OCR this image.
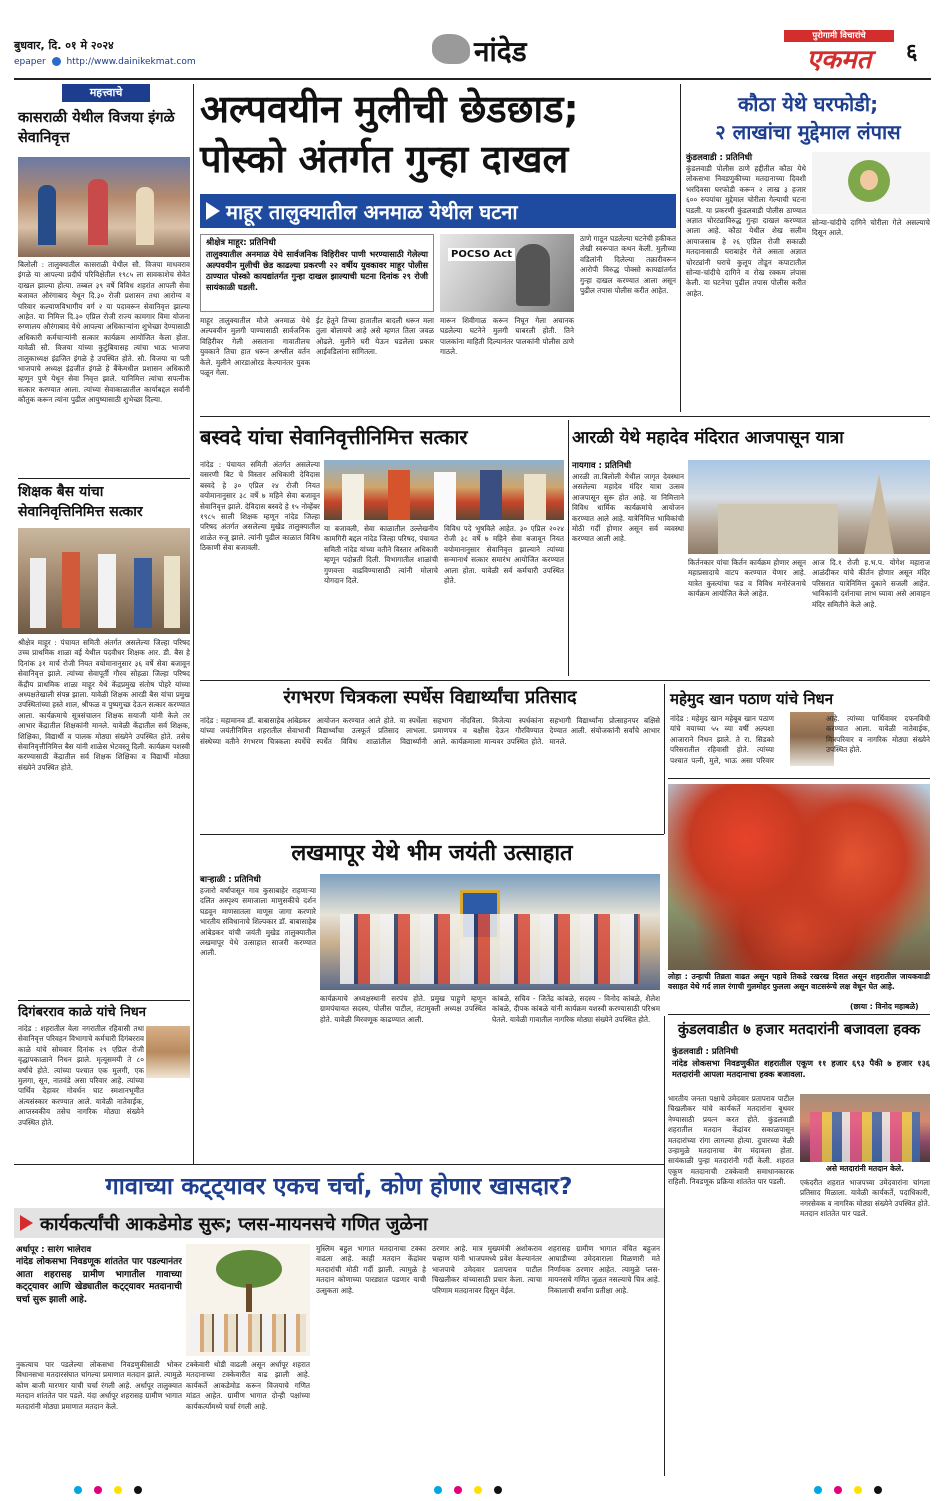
बुधवार, दि. ०१ मे २०२४
epaper http://www.dainikekmat.com	नांदेड	पुरोगामी विचारांचे
एकमत	६
महत्त्वाचे
कासराळी येथील विजया इंगळे सेवानिवृत्त
बिलोली : तालुक्यातील कासराळी येथील सौ. विजया माधवराव इंगळे या आपल्या प्रदीर्घ परिविक्षेतील १९८५ ला सावकाशेच सेवेत दाखल झाल्या होत्या. तब्बल ३९ वर्षे विविध शहरांत आपली सेवा बजावत औरंगाबाद येथून दि.३० रोजी प्रशासन तथा आरोग्य व परिवार कल्याणविभागीय वर्ग २ या पदावरून सेवानिवृत्त झाल्या आहेत. या निमित्त दि.३० एप्रिल रोजी राज्य कामगार विमा योजना रुग्णालय औरंगाबाद येथे आपल्या अधिकाऱ्यांना शुभेच्छा देण्यासाठी अधिकारी कर्मचाऱ्यांनी सत्कार कार्यक्रम आयोजित केला होता. यावेळी सौ. विजया यांच्या कुटुंबियासह त्यांचा भाऊ भाजपा तालुकाध्यक्ष इंद्रजित इंगळे हे उपस्थित होते. सौ. विजया या पती भाजपाचे अध्यक्ष इंद्रजीत इंगळे हे बैंकेमधील प्रशासन अधिकारी म्हणून पुणे येथून सेवा निवृत्त झाले. यानिमित्त त्यांचा सपत्नीक सत्कार करण्यात आला. त्यांच्या सेवाकाळातील कार्याबद्दल सर्वांनी कौतुक करून त्यांना पुढील आयुष्यासाठी शुभेच्छा दिल्या.
शिक्षक बैस यांचा सेवानिवृत्तिनिमित्त सत्कार
श्रीक्षेत्र माहूर : पंचायत समिती अंतर्गत असलेल्या जिल्हा परिषद उच्च प्राथमिक शाळा वई येथील पदवीधर शिक्षक आर. डी. बैस हे दिनांक ३१ मार्च रोजी नियत वयोमानानुसार ३६ वर्षे सेवा बजावून सेवानिवृत्त झाले. त्यांच्या सेवापूर्ती गौरव सोहळा जिल्हा परिषद केंद्रीय प्राथमिक शाळा माहूर येथे केंद्रप्रमुख संतोष पोहरे यांच्या अध्यक्षतेखाली संपन्न झाला. यावेळी शिक्षक आरडी बैस यांचा प्रमुख उपस्थितांच्या हस्ते शाल, श्रीफळ व पुष्पगुच्छ देऊन सत्कार करण्यात आला. कार्यक्रमाचे सूत्रसंचालन शिक्षक सयाजी यांनी केले तर आभार केंद्रातील शिक्षकांनी मानले. यावेळी केंद्रातील सर्व शिक्षक, शिक्षिका, विद्यार्थी व पालक मोठ्या संख्येने उपस्थित होते. तसेच सेवानिवृत्तीनिमित्त बैस यांनी शाळेस भेटवस्तू दिली. कार्यक्रम यशस्वी करण्यासाठी केंद्रातील सर्व शिक्षक शिक्षिका व विद्यार्थी मोठ्या संख्येने उपस्थित होते.
दिगंबरराव काळे यांचे निधन
नांदेड : शहरातील वेला नगरातील रहिवासी तथा सेवानिवृत्त परिवहन विभागाचे कर्मचारी दिगंबरराव काळे यांचे सोमवार दिनांक २९ एप्रिल रोजी वृद्धापकाळाने निधन झाले. मृत्यूसमयी ते ८० वर्षांचे होते. त्यांच्या पश्चात एक मुलगी, एक मुलगा, सून, नातवंडे असा परिवार आहे. त्यांच्या पार्थिव देहावर गोवर्धन घाट स्मशानभूमीत अंत्यसंस्कार करण्यात आले. यावेळी नातेवाईक, आप्तस्वकीय तसेच नागरिक मोठ्या संख्येने उपस्थित होते.
अल्पवयीन मुलीची छेडछाड;
पोस्को अंतर्गत गुन्हा दाखल
माहूर तालुक्यातील अनमाळ येथील घटना
श्रीक्षेत्र माहूर: प्रतिनिधी
तालुक्यातील अनमाळ येथे सार्वजनिक विहिरीवर पाणी भरण्यासाठी गेलेल्या अल्पवयीन मुलीची छेड काढल्या प्रकरणी २२ वर्षीय युवकावर माहूर पोलीस ठाण्यात पोस्को कायद्यांतर्गत गुन्हा दाखल झाल्याची घटना दिनांक २९ रोजी सायंकाळी घडली.
POCSO Act
माहूर तालुक्यातील मौजे अनमाळ येथे अल्पवयीन मुलगी पाण्यासाठी सार्वजनिक विहिरीवर गेली असताना गावातीलच युवकाने तिचा हात धरून अश्लील वर्तन केले. मुलीने आरडाओरड केल्यानंतर युवक पळून गेला.
ईट हेतूने तिच्या हातातील बादली धरून मला तुला बोलायचे आहे असे म्हणत तिला जवळ ओढले. मुलीने घरी येऊन घडलेला प्रकार आईवडिलांना सांगितला.
मारून शिवीगाळ करून निघून गेला अचानक घडलेल्या घटनेने मुलगी घाबरली होती. तिने पालकांना माहिती दिल्यानंतर पालकांनी पोलीस ठाणे गाठले.
ठाणे गाठून घडलेल्या घटनेची हकीकत लेखी स्वरूपात कथन केली. मुलीच्या वडिलांनी दिलेल्या तक्रारीवरून आरोपी विरुद्ध पोक्सो कायद्यांतर्गत गुन्हा दाखल करण्यात आला असून पुढील तपास पोलीस करीत आहेत.
कौठा येथे घरफोडी;
२ लाखांचा मुद्देमाल लंपास
कुंडलवाडी : प्रतिनिधी
कुंडलवाडी पोलीस ठाणे हद्दीतील कौठा येथे लोकसभा निवडणुकीच्या मतदानाच्या दिवशी भरदिवसा घरफोडी करून २ लाख ३ हजार ६०० रुपयांचा मुद्देमाल चोरीला गेल्याची घटना घडली. या प्रकरणी कुंडलवाडी पोलीस ठाण्यात अज्ञात चोरट्याविरुद्ध गुन्हा दाखल करण्यात आला आहे. कौठा येथील शेख सलीम आयाजसाब हे २६ एप्रिल रोजी सकाळी मतदानासाठी घराबाहेर गेले असता अज्ञात चोरट्यांनी घराचे कुलूप तोडून कपाटातील सोन्या-चांदीचे दागिने व रोख रक्कम लंपास केली. या घटनेचा पुढील तपास पोलीस करीत आहेत.
सोन्या-चांदीचे दागिने चोरीला गेले असल्याचे दिसून आले.
बस्वदे यांचा सेवानिवृत्तीनिमित्त सत्कार
नांदेड : पंचायत समिती अंतर्गत असलेल्या वसरणी बिट चे विस्तार अधिकारी देविदास बस्वदे हे ३० एप्रिल २४ रोजी नियत वयोमानानुसार ३८ वर्षे ७ महिने सेवा बजावून सेवानिवृत्त झाले. देविदास बस्वदे हे १५ नोव्हेंबर १९८५ साली शिक्षक म्हणून नांदेड जिल्हा परिषद अंतर्गत असलेल्या मुखेड तालुक्यातील शाळेत रुजू झाले. त्यांनी पुढील काळात विविध ठिकाणी सेवा बजावली.
या बजावली, सेवा काळातील उल्लेखनीय कामगिरी बद्दल नांदेड जिल्हा परिषद, पंचायत समिती नांदेड यांच्या वतीने विस्तार अधिकारी म्हणून पदोन्नती दिली. विभागातील शाळांची गुणवत्ता वाढविण्यासाठी त्यांनी मोलाचे योगदान दिले.
विविध पदे भूषविले आहेत. ३० एप्रिल २०२४ रोजी ३८ वर्षे ७ महिने सेवा बजावून नियत वयोमानानुसार सेवानिवृत्त झाल्याने त्यांच्या सन्मानार्थ सत्कार समारंभ आयोजित करण्यात आला होता. यावेळी सर्व कर्मचारी उपस्थित होते.
आरळी येथे महादेव मंदिरात आजपासून यात्रा
नायगाव : प्रतिनिधी
आरळी ता.बिलोली येथील जागृत देवस्थान असलेल्या महादेव मंदिर यात्रा उत्सव आजपासून सुरू होत आहे. या निमित्ताने विविध धार्मिक कार्यक्रमांचे आयोजन करण्यात आले आहे. यात्रेनिमित्त भाविकांची मोठी गर्दी होणार असून सर्व व्यवस्था करण्यात आली आहे.
किर्तनकार यांचा किर्तन कार्यक्रम होणार असून महाप्रसादाचे वाटप करण्यात येणार आहे. यात्रेत कुस्त्यांचा फड व विविध मनोरंजनाचे कार्यक्रम आयोजित केले आहेत.
आज दि.१ रोजी ह.भ.प. योगेश महाराज आळंदीकर यांचे कीर्तन होणार असून मंदिर परिसरात यात्रेनिमित्त दुकाने सजली आहेत. भाविकांनी दर्शनाचा लाभ घ्यावा असे आवाहन मंदिर समितीने केले आहे.
रंगभरण चित्रकला स्पर्धेस विद्यार्थ्यांचा प्रतिसाद
नांदेड : महामानव डॉ. बाबासाहेब आंबेडकर यांच्या जयंतीनिमित्त शहरातील सेवाभावी संस्थेच्या वतीने रंगभरण चित्रकला स्पर्धेचे आयोजन करण्यात आले होते. या स्पर्धेला विद्यार्थ्यांचा उत्स्फूर्त प्रतिसाद लाभला. स्पर्धेत विविध शाळांतील विद्यार्थ्यांनी सहभाग नोंदविला. विजेत्या स्पर्धकांना प्रमाणपत्र व बक्षीस देऊन गौरविण्यात आले. कार्यक्रमाला मान्यवर उपस्थित होते. सहभागी विद्यार्थ्यांना प्रोत्साहनपर बक्षिसे देण्यात आली. संयोजकांनी सर्वांचे आभार मानले.
महेमुद खान पठाण यांचे निधन
नांदेड : महेमुद खान महेबूब खान पठाण यांचे वयाच्या ५५ व्या वर्षी अल्पशा आजाराने निधन झाले. ते रा. सिडको परिसरातील रहिवासी होते. त्यांच्या पश्चात पत्नी, मुले, भाऊ असा परिवार आहे. त्यांच्या पार्थिवावर दफनविधी करण्यात आला. यावेळी नातेवाईक, मित्रपरिवार व नागरिक मोठ्या संख्येने उपस्थित होते.
लोहा : उन्हाची तिव्रता वाढत असून पहावे तिकडे रखरख दिसत असून शहरातील जायकवाडी वसाहत येथे गर्द लाल रंगाची गुलमोहर फुलला असून वाटसरूंचे लक्ष वेधून घेत आहे.
(छाया : विनोद महाबळे)
लखमापूर येथे भीम जयंती उत्साहात
बाऱ्हाळी : प्रतिनिधी
हजारो वर्षांपासून गाव कुसाबाहेर राहणाऱ्या दलित अस्पृश्य समाजाला माणुसकीचे दर्शन घडवून माणसातला माणूस जागा करणारे भारतीय संविधानाचे शिल्पकार डॉ. बाबासाहेब आंबेडकर यांची जयंती मुखेड तालुक्यातील लखमापूर येथे उत्साहात साजरी करण्यात आली.
कार्यक्रमाचे अध्यक्षस्थानी सरपंच होते. प्रमुख पाहुणे म्हणून ग्रामपंचायत सदस्य, पोलीस पाटील, तंटामुक्ती अध्यक्ष उपस्थित होते. यावेळी मिरवणूक काढण्यात आली.
कांबळे, सचिव - जितेंद्र कांबळे, सदस्य - विनोद कांबळे, शैलेश कांबळे, दीपक कांबळे यांनी कार्यक्रम यशस्वी करण्यासाठी परिश्रम घेतले. यावेळी गावातील नागरिक मोठ्या संख्येने उपस्थित होते.
कुंडलवाडीत ७ हजार मतदारांनी बजावला हक्क
कुंडलवाडी : प्रतिनिधी
नांदेड लोकसभा निवडणुकीत शहरातील एकूण ११ हजार ६९३ पैकी ७ हजार १३६ मतदारांनी आपला मतदानाचा हक्क बजावला.
भारतीय जनता पक्षाचे उमेदवार प्रतापराव पाटील चिखलीकर यांचे कार्यकर्ते मतदारांना बूथवर नेण्यासाठी प्रयत्न करत होते. कुंडलवाडी शहरातील मतदान केंद्रांवर सकाळपासून मतदारांच्या रांगा लागल्या होत्या. दुपारच्या वेळी उन्हामुळे मतदानाचा वेग मंदावला होता. सायंकाळी पुन्हा मतदारांनी गर्दी केली. शहरात एकूण मतदानाची टक्केवारी समाधानकारक राहिली. निवडणूक प्रक्रिया शांततेत पार पडली.
असे मतदारांनी मतदान केले.
एकंदरीत शहरात भाजपच्या उमेदवारांना चांगला प्रतिसाद मिळाला. यावेळी कार्यकर्ते, पदाधिकारी, नगरसेवक व नागरिक मोठ्या संख्येने उपस्थित होते. मतदान शांततेत पार पडले.
गावाच्या कट्ट्यावर एकच चर्चा, कोण होणार खासदार?
कार्यकर्त्यांची आकडेमोड सुरू; प्लस-मायनसचे गणित जुळेना
अर्धापूर : सारंग भालेराव
नांदेड लोकसभा निवडणूक शांततेत पार पडल्यानंतर आता शहरासह ग्रामीण भागातील गावाच्या कट्ट्यावर आणि खेड्यातील कट्ट्यावर मतदानाची चर्चा सुरू झाली आहे.
नुकत्याच पार पडलेल्या लोकसभा निवडणुकीसाठी भोकर विधानसभा मतदारसंघात चांगल्या प्रमाणात मतदान झाले. त्यामुळे कोण बाजी मारणार याची चर्चा रंगली आहे. अर्धापूर तालुक्यात मतदान शांततेत पार पडले. यंदा अर्धापूर शहरासह ग्रामीण भागात मतदारांनी मोठ्या प्रमाणात मतदान केले.
टक्केवारी थोडी वाढली असून अर्धापूर शहरात मतदानाच्या टक्केवारीत वाढ झाली आहे. कार्यकर्ते आकडेमोड करून विजयाचे गणित मांडत आहेत. ग्रामीण भागात दोन्ही पक्षांच्या कार्यकर्त्यांमध्ये चर्चा रंगली आहे.
मुस्लिम बहुल भागात मतदानाचा टक्का वाढला आहे. काही मतदान केंद्रांवर मतदारांची मोठी गर्दी झाली. त्यामुळे हे मतदान कोणाच्या पारड्यात पडणार याची उत्सुकता आहे.
ठरणार आहे. मात्र मुख्यमंत्री अशोकराव चव्हाण यांनी भाजपमध्ये प्रवेश केल्यानंतर भाजपाचे उमेदवार प्रतापराव पाटील चिखलीकर यांच्यासाठी प्रचार केला. त्याचा परिणाम मतदानावर दिसून येईल.
शहरासह ग्रामीण भागात वंचित बहुजन आघाडीच्या उमेदवाराला मिळणारी मते निर्णायक ठरणार आहेत. त्यामुळे प्लस-मायनसचे गणित जुळत नसल्याचे चित्र आहे. निकालाची सर्वांना प्रतीक्षा आहे.
